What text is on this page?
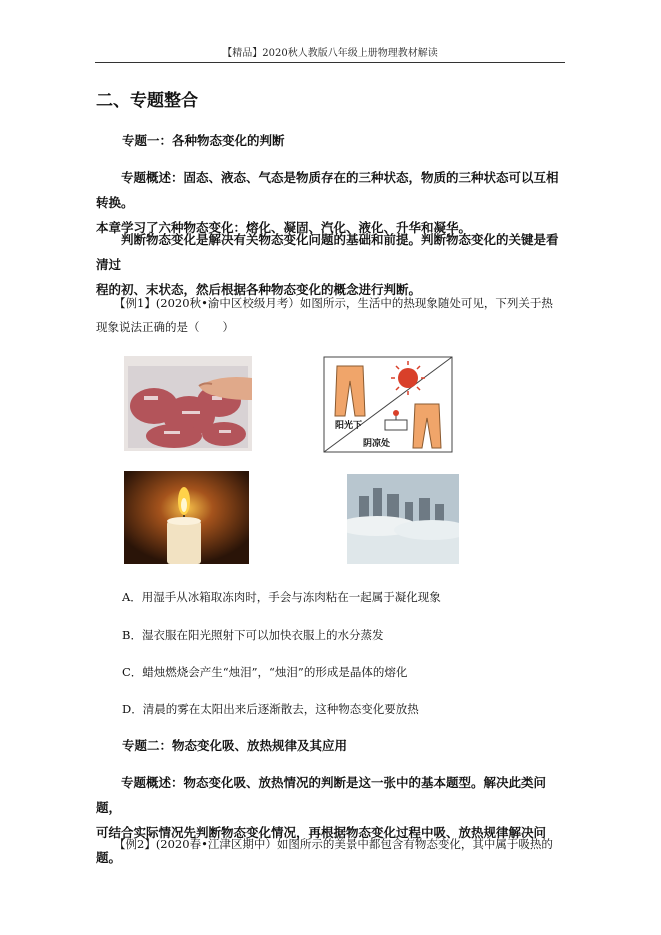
【精品】2020秋人教版八年级上册物理教材解读
二、专题整合
专题一：各种物态变化的判断
专题概述：固态、液态、气态是物质存在的三种状态，物质的三种状态可以互相转换。
本章学习了六种物态变化：熔化、凝固、汽化、液化、升华和凝华。
判断物态变化是解决有关物态变化问题的基础和前提。判断物态变化的关键是看清过
程的初、末状态，然后根据各种物态变化的概念进行判断。
【例1】(2020秋•渝中区校级月考）如图所示，生活中的热现象随处可见，下列关于热
现象说法正确的是（　　）
阳光下
阴凉处
A．用湿手从冰箱取冻肉时，手会与冻肉粘在一起属于凝化现象
B．湿衣服在阳光照射下可以加快衣服上的水分蒸发
C．蜡烛燃烧会产生“烛泪”，“烛泪”的形成是晶体的熔化
D．清晨的雾在太阳出来后逐渐散去，这种物态变化要放热
专题二：物态变化吸、放热规律及其应用
专题概述：物态变化吸、放热情况的判断是这一张中的基本题型。解决此类问题，
可结合实际情况先判断物态变化情况，再根据物态变化过程中吸、放热规律解决问题。
【例2】(2020春•江津区期中）如图所示的美景中都包含有物态变化，其中属于吸热的
